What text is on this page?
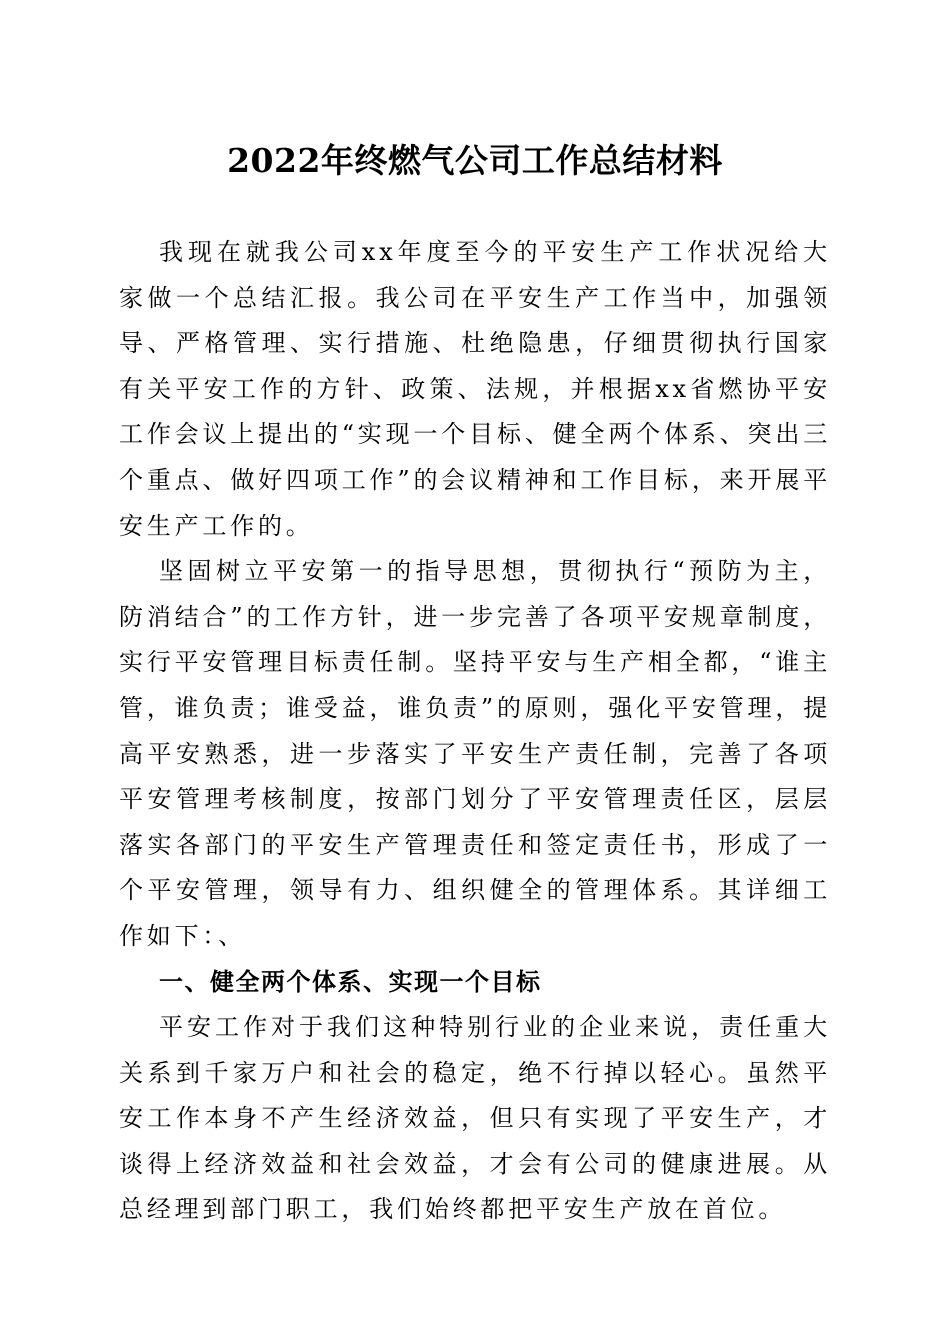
2022年终燃气公司工作总结材料

我现在就我公司xx年度至今的平安生产工作状况给大家做一个总结汇报。我公司在平安生产工作当中，加强领导、严格管理、实行措施、杜绝隐患，仔细贯彻执行国家有关平安工作的方针、政策、法规，并根据xx省燃协平安工作会议上提出的“实现一个目标、健全两个体系、突出三个重点、做好四项工作”的会议精神和工作目标，来开展平安生产工作的。

坚固树立平安第一的指导思想，贯彻执行“预防为主，防消结合”的工作方针，进一步完善了各项平安规章制度，实行平安管理目标责任制。坚持平安与生产相全都，“谁主管，谁负责；谁受益，谁负责”的原则，强化平安管理，提高平安熟悉，进一步落实了平安生产责任制，完善了各项平安管理考核制度，按部门划分了平安管理责任区，层层落实各部门的平安生产管理责任和签定责任书，形成了一个平安管理，领导有力、组织健全的管理体系。其详细工作如下：、

一、健全两个体系、实现一个目标

平安工作对于我们这种特别行业的企业来说，责任重大关系到千家万户和社会的稳定，绝不行掉以轻心。虽然平安工作本身不产生经济效益，但只有实现了平安生产，才谈得上经济效益和社会效益，才会有公司的健康进展。从总经理到部门职工，我们始终都把平安生产放在首位。
